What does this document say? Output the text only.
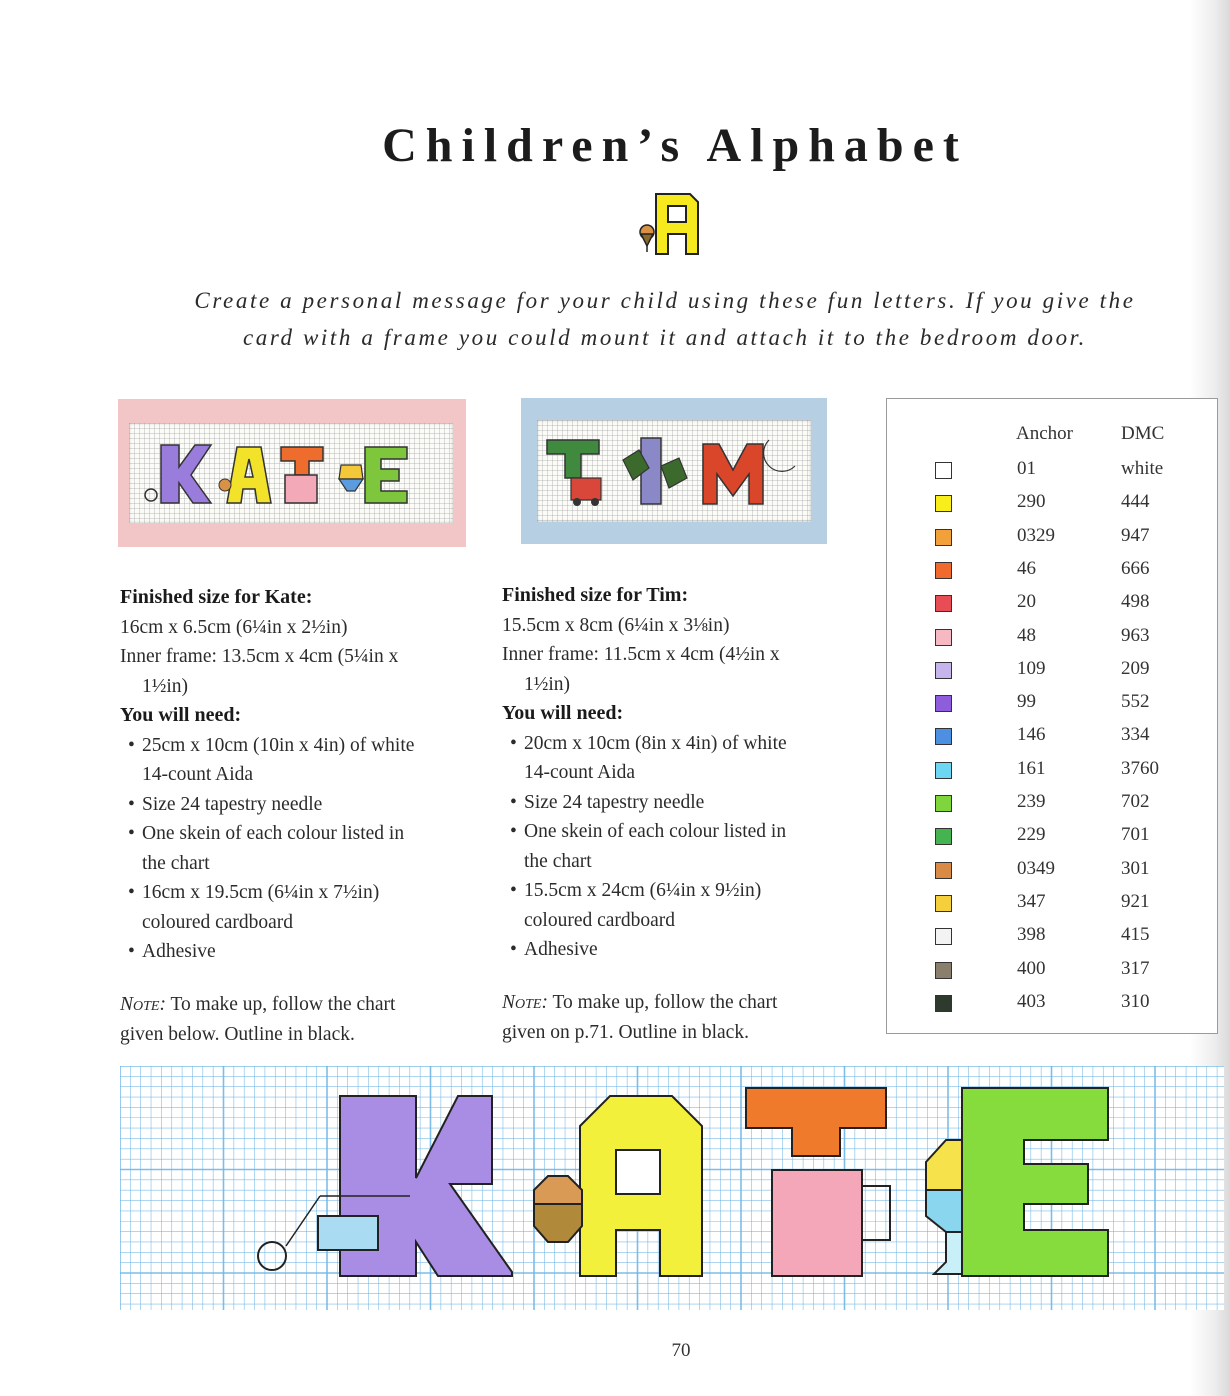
Children’s Alphabet
Create a personal message for your child using these fun letters. If you give the
card with a frame you could mount it and attach it to the bedroom door.
Finished size for Kate:
16cm x 6.5cm (6¼in x 2½in)
Inner frame: 13.5cm x 4cm (5¼in x
1½in)
You will need:
• 25cm x 10cm (10in x 4in) of white
14-count Aida
• Size 24 tapestry needle
• One skein of each colour listed in
the chart
• 16cm x 19.5cm (6¼in x 7½in)
coloured cardboard
• Adhesive
Note: To make up, follow the chart
given below. Outline in black.
Finished size for Tim:
15.5cm x 8cm (6¼in x 3⅛in)
Inner frame: 11.5cm x 4cm (4½in x
1½in)
You will need:
• 20cm x 10cm (8in x 4in) of white
14-count Aida
• Size 24 tapestry needle
• One skein of each colour listed in
the chart
• 15.5cm x 24cm (6¼in x 9½in)
coloured cardboard
• Adhesive
Note: To make up, follow the chart
given on p.71. Outline in black.
Anchor	DMC
01	white
290	444
0329	947
46	666
20	498
48	963
109	209
99	552
146	334
161	3760
239	702
229	701
0349	301
347	921
398	415
400	317
403	310
70
